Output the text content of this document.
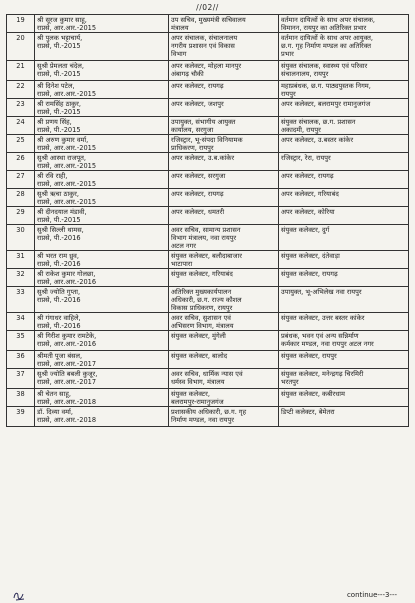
//02//
19	श्री सूरज कुमार साहू,
राप्रसे, आर.आर.-2015	उप सचिव, मुख्यमंत्री सचिवालय
मंत्रालय	वर्तमान दायित्वों के साथ अपर संचालक,
विमानन, रायपुर का अतिरिक्त प्रभार

20	श्री पुलक भट्टाचार्य,
राप्रसे, पी.-2015	अपर संचालक, संचालनालय
नगरीय प्रशासन एवं विकास
विभाग	वर्तमान दायित्वों के साथ अपर आयुक्त,
छ.ग. गृह निर्माण मण्डल का अतिरिक्त
प्रभार

21	सुश्री प्रेमलता चंदेल,
राप्रसे, पी.-2015	अपर कलेक्टर, मोहला मानपुर
अंबागढ़ चौकी	संयुक्त संचालक, स्वास्थ्य एवं परिवार
संचालनालय, रायपुर

22	श्री दिनेश पटेल,
राप्रसे, आर.आर.-2015	अपर कलेक्टर, रायगढ़	महाप्रबंधक, छ.ग. पाठ्यपुस्तक निगम,
रायपुर

23	श्री रामसिंह ठाकुर,
राप्रसे, पी.-2015	अपर कलेक्टर, जशपुर	अपर कलेक्टर, बलरामपुर रामानुजगंज

24	श्री प्रणय सिंह,
राप्रसे, पी.-2015	उपायुक्त, संभागीय आयुक्त
कार्यालय, सरगुजा	संयुक्त संचालक, छ.ग. प्रशासन
अकादमी, रायपुर

25	श्री अरुण कुमार वर्मा,
राप्रसे, आर.आर.-2015	रजिस्ट्रार, भू-संपदा विनियामक
प्राधिकरण, रायपुर	अपर कलेक्टर, उ.बस्तर कांकेर

26	सुश्री आस्था राजपूत,
राप्रसे, आर.आर.-2015	अपर कलेक्टर, उ.ब.कांकेर	रजिस्ट्रार, रेरा, रायपुर

27	श्री रवि राही,
राप्रसे, आर.आर.-2015	अपर कलेक्टर, सरगुजा	अपर कलेक्टर, रायगढ़

28	सुश्री ऋचा ठाकुर,
राप्रसे, आर.आर.-2015	अपर कलेक्टर, रायगढ़	अपर कलेक्टर, गरियाबंद

29	श्री दीनदयाल मंडावी,
राप्रसे, पी.-2015	अपर कलेक्टर, धमतरी	अपर कलेक्टर, कोरिया

30	सुश्री सिल्ली थामस,
राप्रसे, पी.-2016	अवर सचिव, सामान्य प्रशासन
विभाग मंत्रालय, नवा रायपुर
अटल नगर	संयुक्त कलेक्टर, दुर्ग

31	श्री भरत राम ध्रुव,
राप्रसे, पी.-2016	संयुक्त कलेक्टर, बलौदाबाजार
भाटापारा	संयुक्त कलेक्टर, दंतेवाड़ा

32	श्री राकेश कुमार गोलछा,
राप्रसे, आर.आर.-2016	संयुक्त कलेक्टर, गरियाबंद	संयुक्त कलेक्टर, रायगढ़

33	सुश्री ज्योति गुप्ता,
राप्रसे, पी.-2016	अतिरिक्त मुख्यकार्यपालन
अधिकारी, छ.ग. राज्य कौशल
विकास प्राधिकरण, रायपुर	उपायुक्त, भू-अभिलेख नवा रायपुर

34	श्री गंगाधर वाहिले,
राप्रसे, पी.-2016	अवर सचिव, सुशासन एवं
अभिसरण विभाग, मंत्रालय	संयुक्त कलेक्टर, उत्तर बस्तर कांकेर

35	श्री गिरीश कुमार रामटेके,
राप्रसे, आर.आर.-2016	संयुक्त कलेक्टर, मुंगेली	प्रबंधक, भवन एवं अन्य सन्निर्माण
कर्मकार मण्डल, नवा रायपुर अटल नगर

36	श्रीमती पूजा बंसल,
राप्रसे, आर.आर.-2017	संयुक्त कलेक्टर, बालोद	संयुक्त कलेक्टर, रायपुर

37	सुश्री ज्योति बबली कुजूर,
राप्रसे, आर.आर.-2017	अवर सचिव, धार्मिक न्यास एवं
धर्मस्व विभाग, मंत्रालय	संयुक्त कलेक्टर, मनेन्द्रगढ़ चिरमिरी
भरतपुर

38	श्री चेतन साहू,
राप्रसे, आर.आर.-2018	संयुक्त कलेक्टर,
बलरामपुर-रामानुजगंज	संयुक्त कलेक्टर, कबीरधाम

39	डॉ. दिव्या वर्मा,
राप्रसे, आर.आर.-2018	प्रशासकीय अधिकारी, छ.ग. गृह
निर्माण मण्डल, नवा रायपुर	डिप्टी कलेक्टर, बेमेतरा
continue---3---
